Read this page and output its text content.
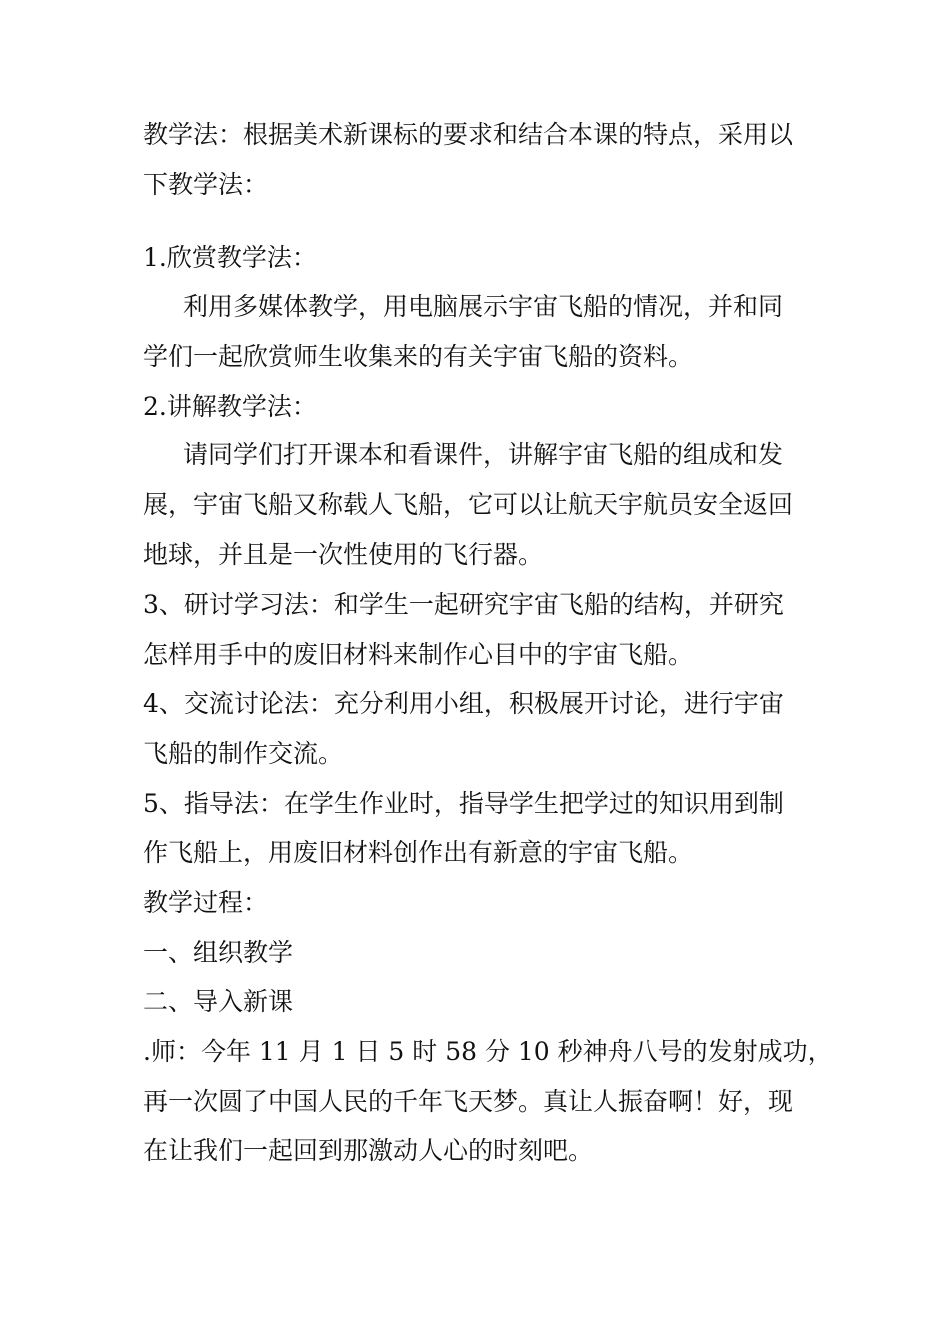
教学法：根据美术新课标的要求和结合本课的特点，采用以

下教学法：

1.欣赏教学法：

利用多媒体教学，用电脑展示宇宙飞船的情况，并和同

学们一起欣赏师生收集来的有关宇宙飞船的资料。

2.讲解教学法：

请同学们打开课本和看课件，讲解宇宙飞船的组成和发

展，宇宙飞船又称载人飞船，它可以让航天宇航员安全返回

地球，并且是一次性使用的飞行器。

3、研讨学习法：和学生一起研究宇宙飞船的结构，并研究

怎样用手中的废旧材料来制作心目中的宇宙飞船。

4、交流讨论法：充分利用小组，积极展开讨论，进行宇宙

飞船的制作交流。

5、指导法：在学生作业时，指导学生把学过的知识用到制

作飞船上，用废旧材料创作出有新意的宇宙飞船。

教学过程：

一、组织教学

二、导入新课

.师：今年 11 月 1 日 5 时 58 分 10 秒神舟八号的发射成功，

再一次圆了中国人民的千年飞天梦。真让人振奋啊！好，现

在让我们一起回到那激动人心的时刻吧。
